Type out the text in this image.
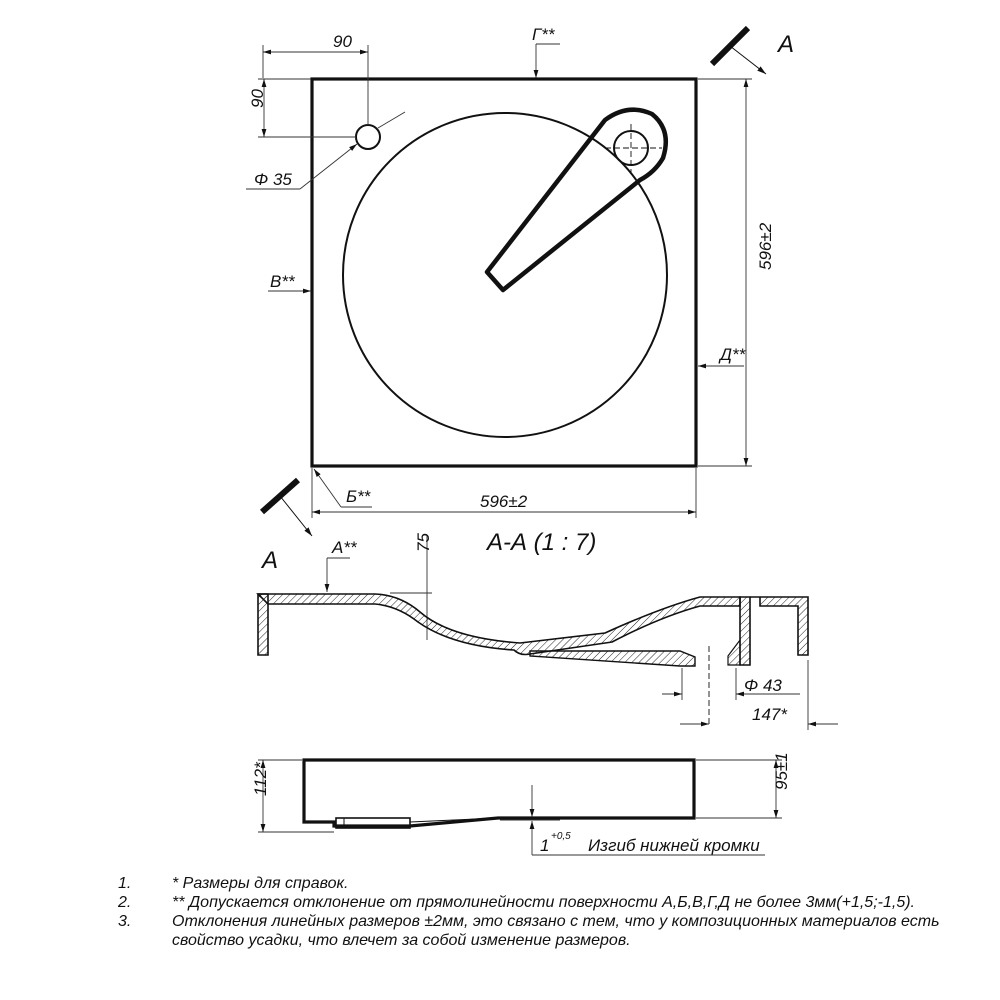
90
90
Φ 35
Г**
В**
Д**
Б**	596±2
596±2
А
А-А (1 : 7)
А	А**	75
Φ 43
147*
112*	95±1
1 +0,5 Изгиб нижней кромки
1.	* Размеры для справок.
2.	** Допускается отклонение от прямолинейности поверхности А,Б,В,Г,Д не более 3мм(+1,5;-1,5).
3.	Отклонения линейных размеров ±2мм, это связано с тем, что у композиционных материалов есть свойство усадки, что влечет за собой изменение размеров.
